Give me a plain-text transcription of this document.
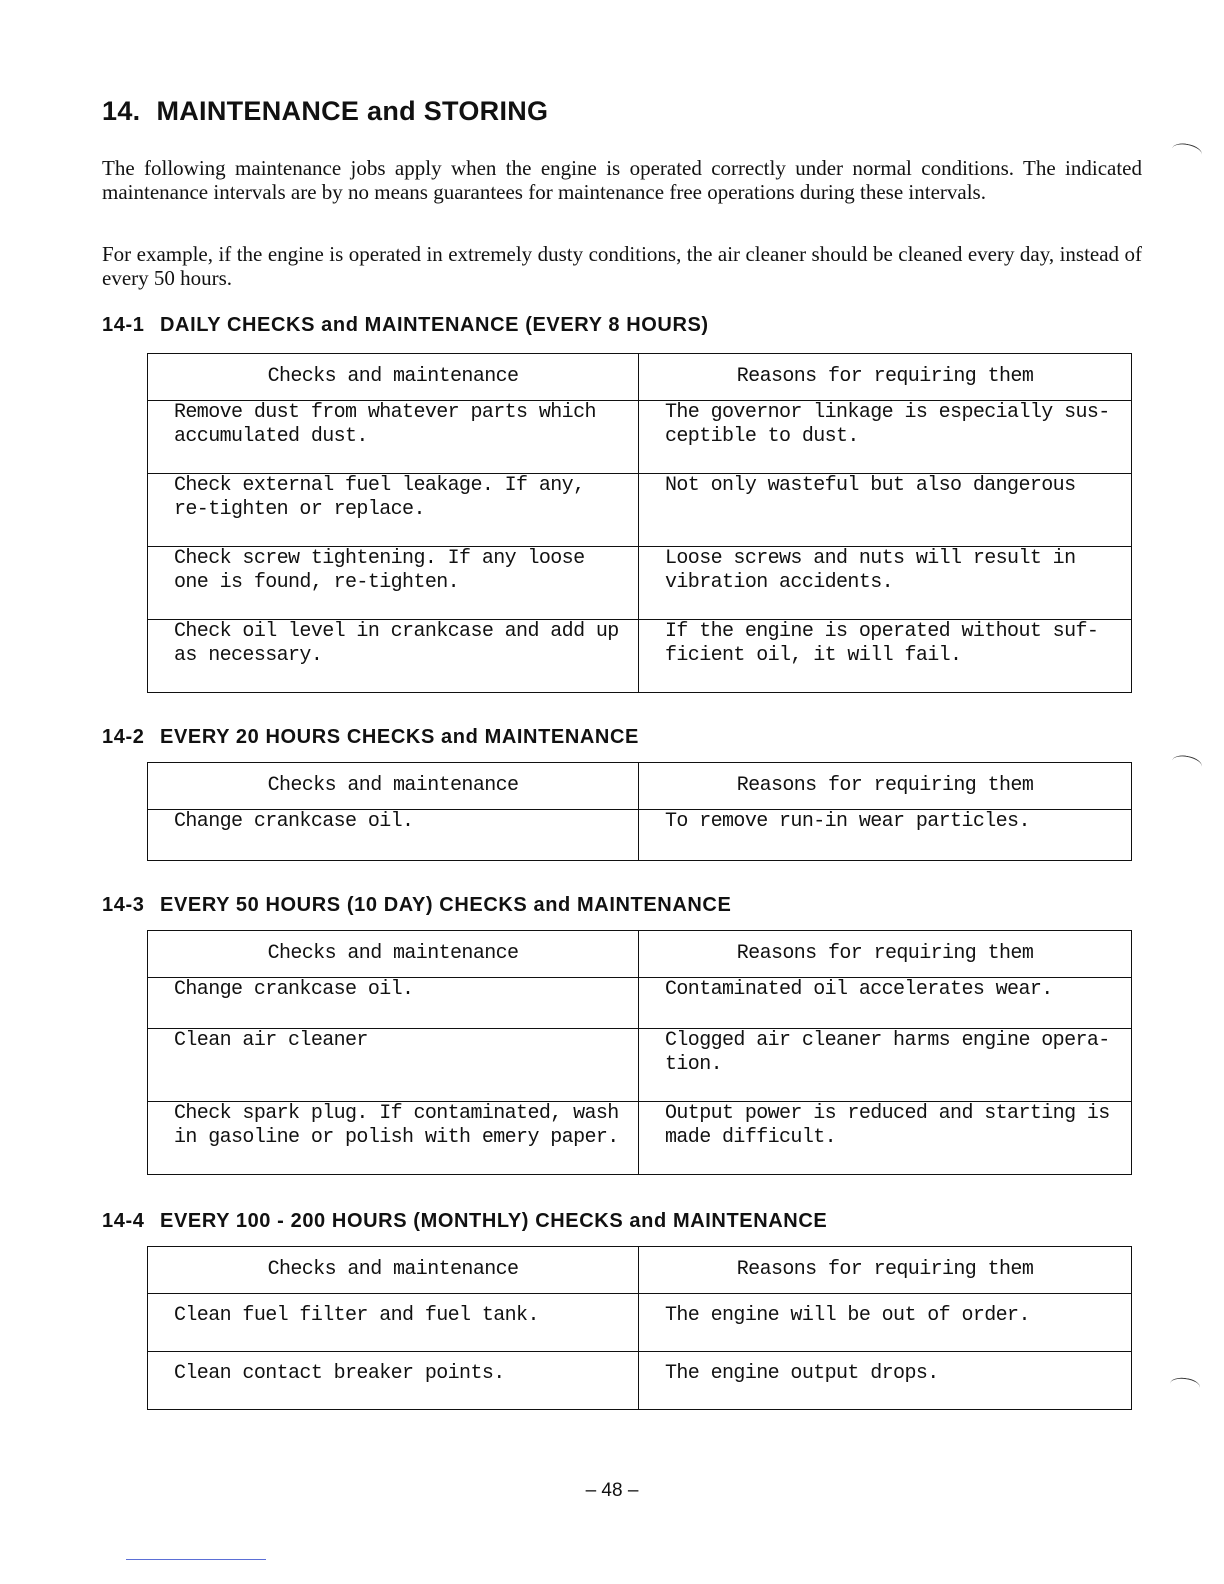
14. MAINTENANCE and STORING

The following maintenance jobs apply when the engine is operated correctly under normal conditions. The indicated maintenance intervals are by no means guarantees for maintenance free operations during these intervals.

For example, if the engine is operated in extremely dusty conditions, the air cleaner should be cleaned every day, instead of every 50 hours.

14-1 DAILY CHECKS and MAINTENANCE (EVERY 8 HOURS)
Checks and maintenance	Reasons for requiring them
Remove dust from whatever parts which accumulated dust.	The governor linkage is especially sus-ceptible to dust.
Check external fuel leakage. If any, re-tighten or replace.	Not only wasteful but also dangerous
Check screw tightening. If any loose one is found, re-tighten.	Loose screws and nuts will result in vibration accidents.
Check oil level in crankcase and add up as necessary.	If the engine is operated without suf-ficient oil, it will fail.
14-2 EVERY 20 HOURS CHECKS and MAINTENANCE
Checks and maintenance	Reasons for requiring them
Change crankcase oil.	To remove run-in wear particles.
14-3 EVERY 50 HOURS (10 DAY) CHECKS and MAINTENANCE
Checks and maintenance	Reasons for requiring them
Change crankcase oil.	Contaminated oil accelerates wear.
Clean air cleaner	Clogged air cleaner harms engine opera-tion.
Check spark plug. If contaminated, wash in gasoline or polish with emery paper.	Output power is reduced and starting is made difficult.
14-4 EVERY 100 - 200 HOURS (MONTHLY) CHECKS and MAINTENANCE
Checks and maintenance	Reasons for requiring them
Clean fuel filter and fuel tank.	The engine will be out of order.
Clean contact breaker points.	The engine output drops.
– 48 –
